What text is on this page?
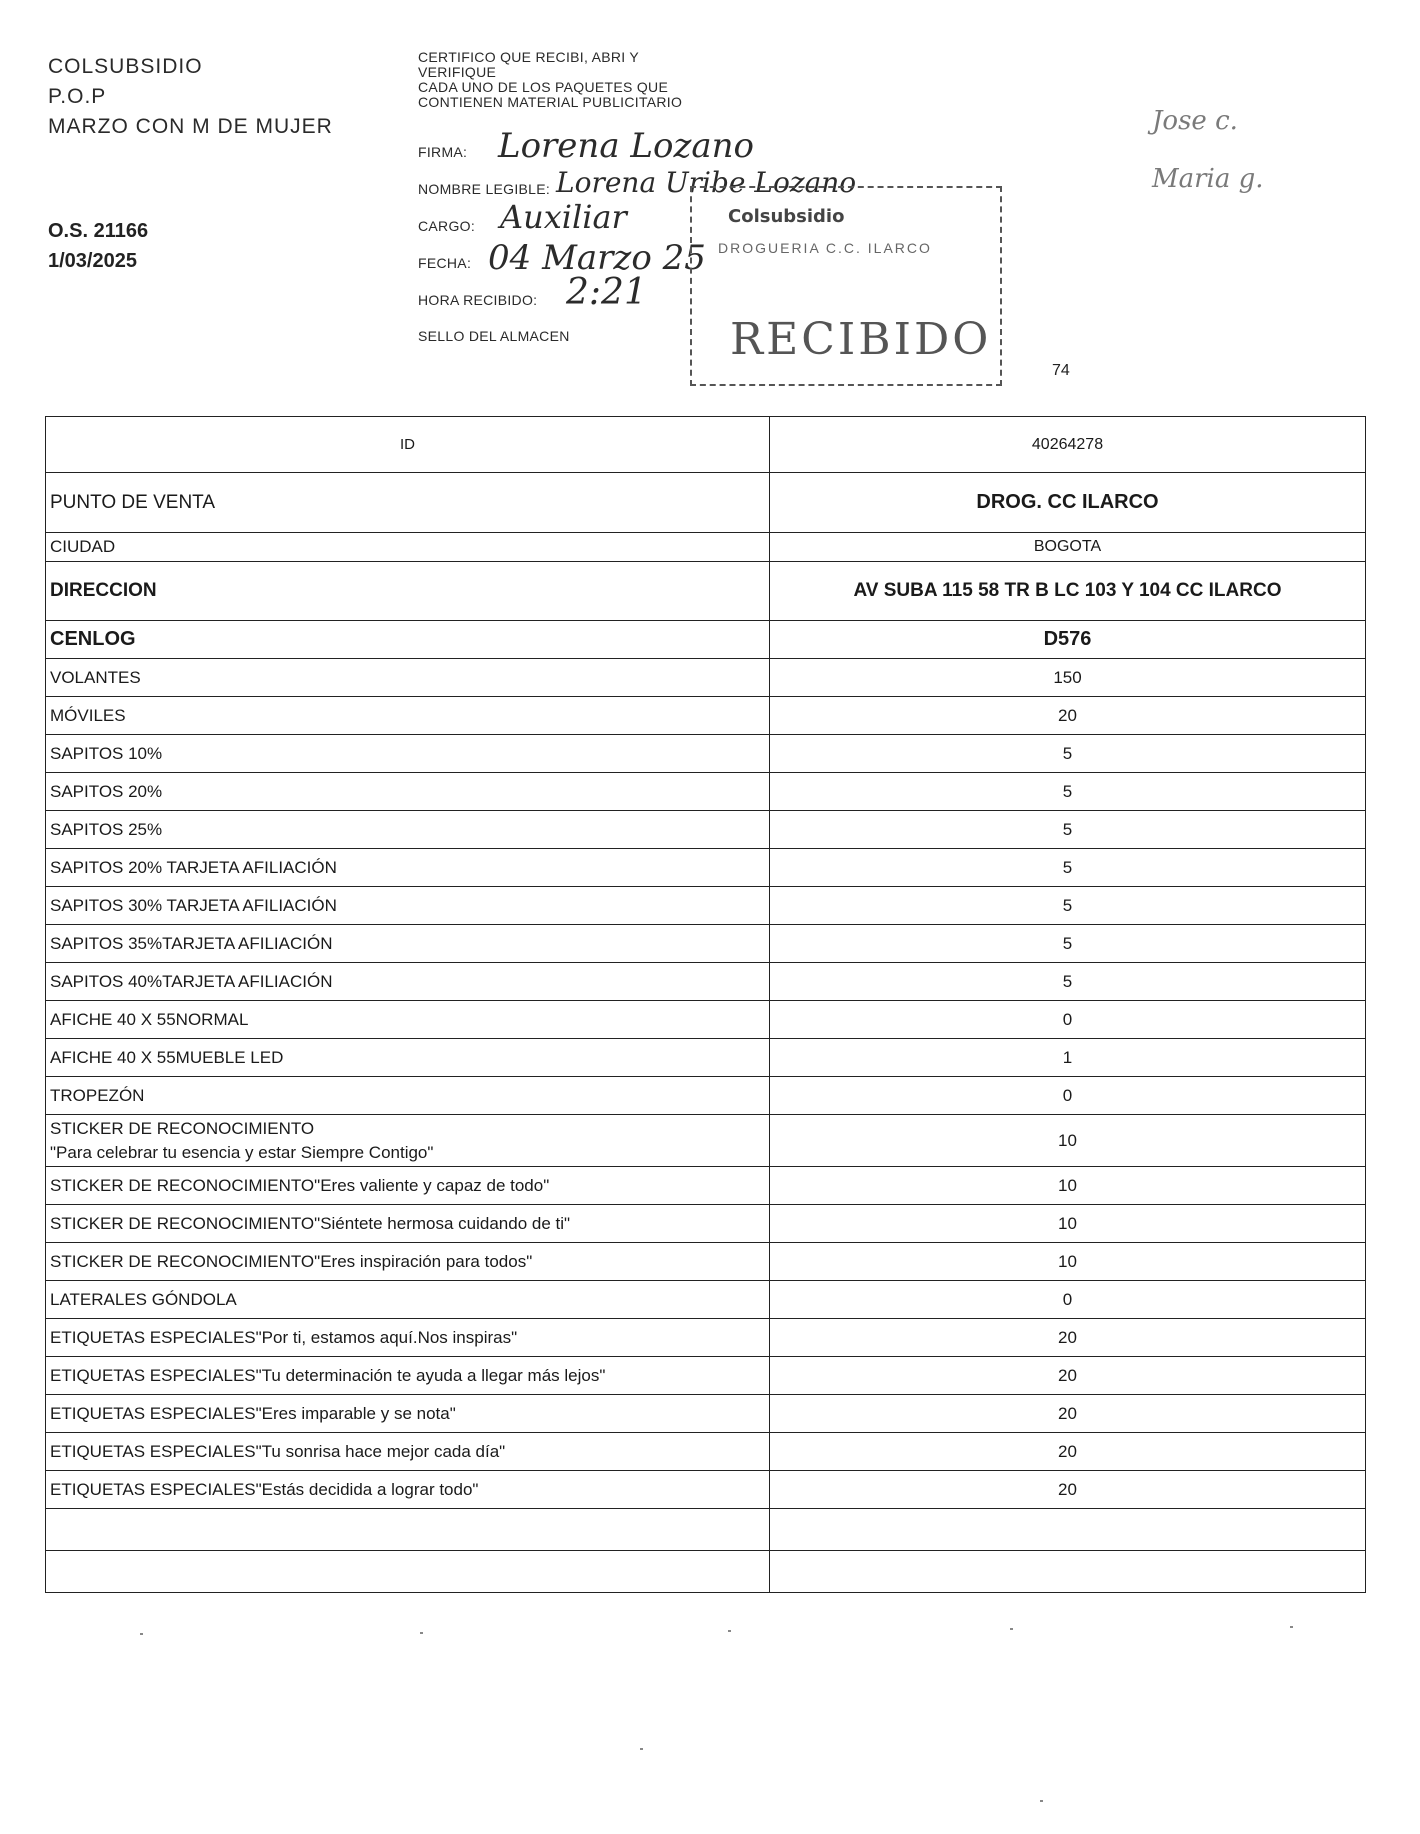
COLSUBSIDIO
P.O.P
MARZO CON M DE MUJER
O.S. 21166
1/03/2025
CERTIFICO QUE RECIBI, ABRI Y
VERIFIQUE
CADA UNO DE LOS PAQUETES QUE
CONTIENEN MATERIAL PUBLICITARIO
FIRMA:
NOMBRE LEGIBLE:
CARGO:
FECHA:
HORA RECIBIDO:
SELLO DEL ALMACEN
Lorena Lozano
Lorena Uribe Lozano
Auxiliar
04 Marzo 25
2:21
Colsubsidio
DROGUERIA C.C. ILARCO
RECIBIDO
74
Jose c.
Maria g.
ID	40264278
PUNTO DE VENTA	DROG. CC ILARCO
CIUDAD	BOGOTA
DIRECCION	AV SUBA 115 58 TR B LC 103 Y 104 CC ILARCO
CENLOG	D576
VOLANTES	150
MÓVILES	20
SAPITOS 10%	5
SAPITOS 20%	5
SAPITOS 25%	5
SAPITOS 20% TARJETA AFILIACIÓN	5
SAPITOS 30% TARJETA AFILIACIÓN	5
SAPITOS 35%TARJETA AFILIACIÓN	5
SAPITOS 40%TARJETA AFILIACIÓN	5
AFICHE 40 X 55NORMAL	0
AFICHE 40 X 55MUEBLE LED	1
TROPEZÓN	0

STICKER DE RECONOCIMIENTO
"Para celebrar tu esencia y estar Siempre Contigo"	10
STICKER DE RECONOCIMIENTO"Eres valiente y capaz de todo"	10
STICKER DE RECONOCIMIENTO"Siéntete hermosa cuidando de ti"	10
STICKER DE RECONOCIMIENTO"Eres inspiración para todos"	10
LATERALES GÓNDOLA	0
ETIQUETAS ESPECIALES"Por ti, estamos aquí.Nos inspiras"	20
ETIQUETAS ESPECIALES"Tu determinación te ayuda a llegar más lejos"	20
ETIQUETAS ESPECIALES"Eres imparable y se nota"	20
ETIQUETAS ESPECIALES"Tu sonrisa hace mejor cada día"	20
ETIQUETAS ESPECIALES"Estás decidida a lograr todo"	20
